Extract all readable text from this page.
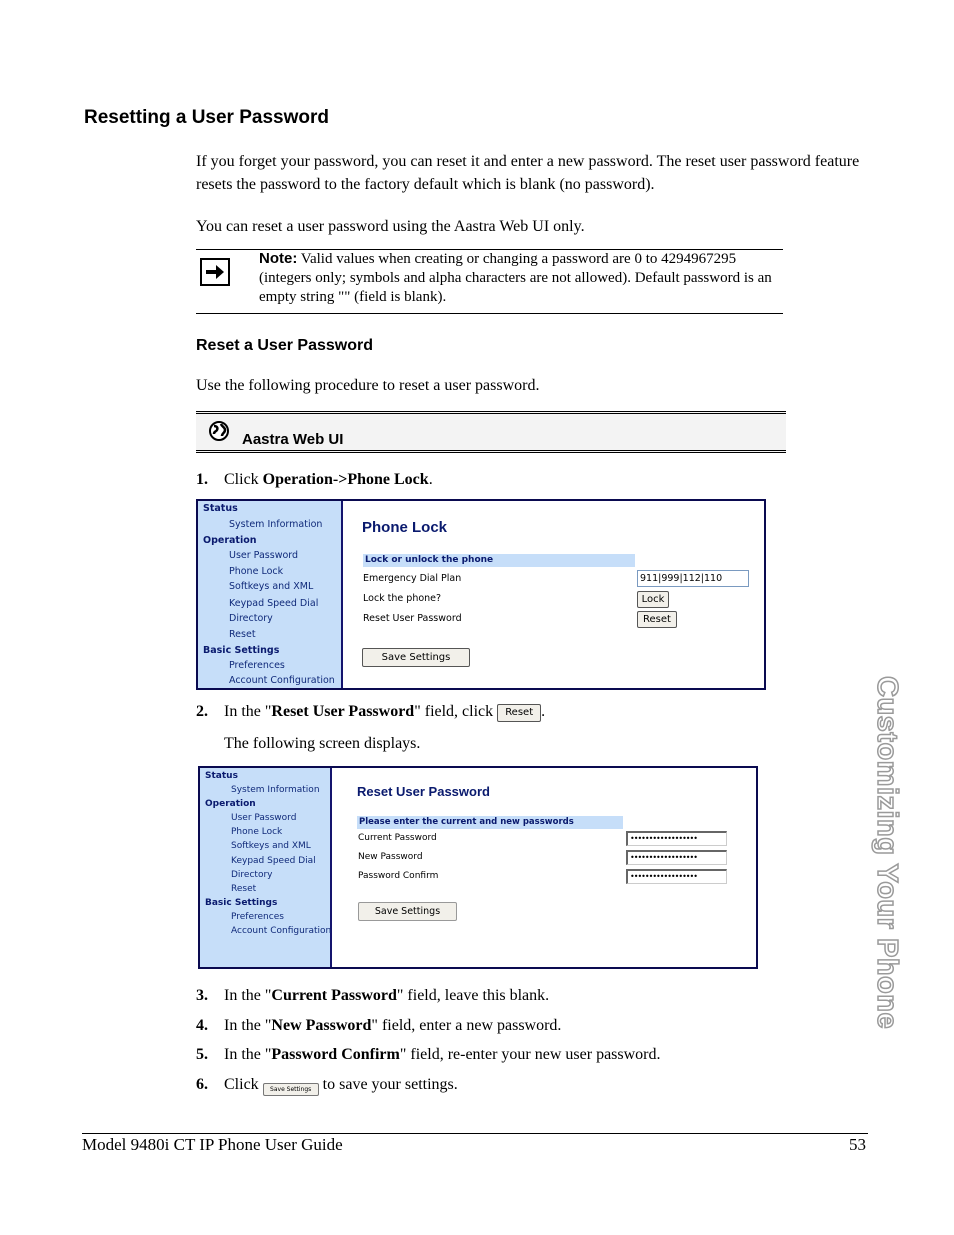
Resetting a User Password
If you forget your password, you can reset it and enter a new password. The reset user password feature resets the password to the factory default which is blank (no password).
You can reset a user password using the Aastra Web UI only.
Note: Valid values when creating or changing a password are 0 to 4294967295 (integers only; symbols and alpha characters are not allowed). Default password is an empty string "" (field is blank).
Reset a User Password
Use the following procedure to reset a user password.
Aastra Web UI
1. Click Operation->Phone Lock.
Status
System Information
Operation
User Password
Phone Lock
Softkeys and XML
Keypad Speed Dial
Directory
Reset
Basic Settings
Preferences
Account Configuration
Phone Lock
Lock or unlock the phone
Emergency Dial Plan	911|999|112|110
Lock the phone?	Lock
Reset User Password	Reset
Save Settings
2. In the "Reset User Password" field, click Reset .
The following screen displays.
Status
System Information
Operation
User Password
Phone Lock
Softkeys and XML
Keypad Speed Dial
Directory
Reset
Basic Settings
Preferences
Account Configuration
Reset User Password
Please enter the current and new passwords
Current Password	••••••••••••••••••
New Password	••••••••••••••••••
Password Confirm	••••••••••••••••••
Save Settings
3. In the "Current Password" field, leave this blank.
4. In the "New Password" field, enter a new password.
5. In the "Password Confirm" field, re-enter your new user password.
6. Click Save Settings to save your settings.
Customizing Your Phone
Model 9480i CT IP Phone User Guide	53
